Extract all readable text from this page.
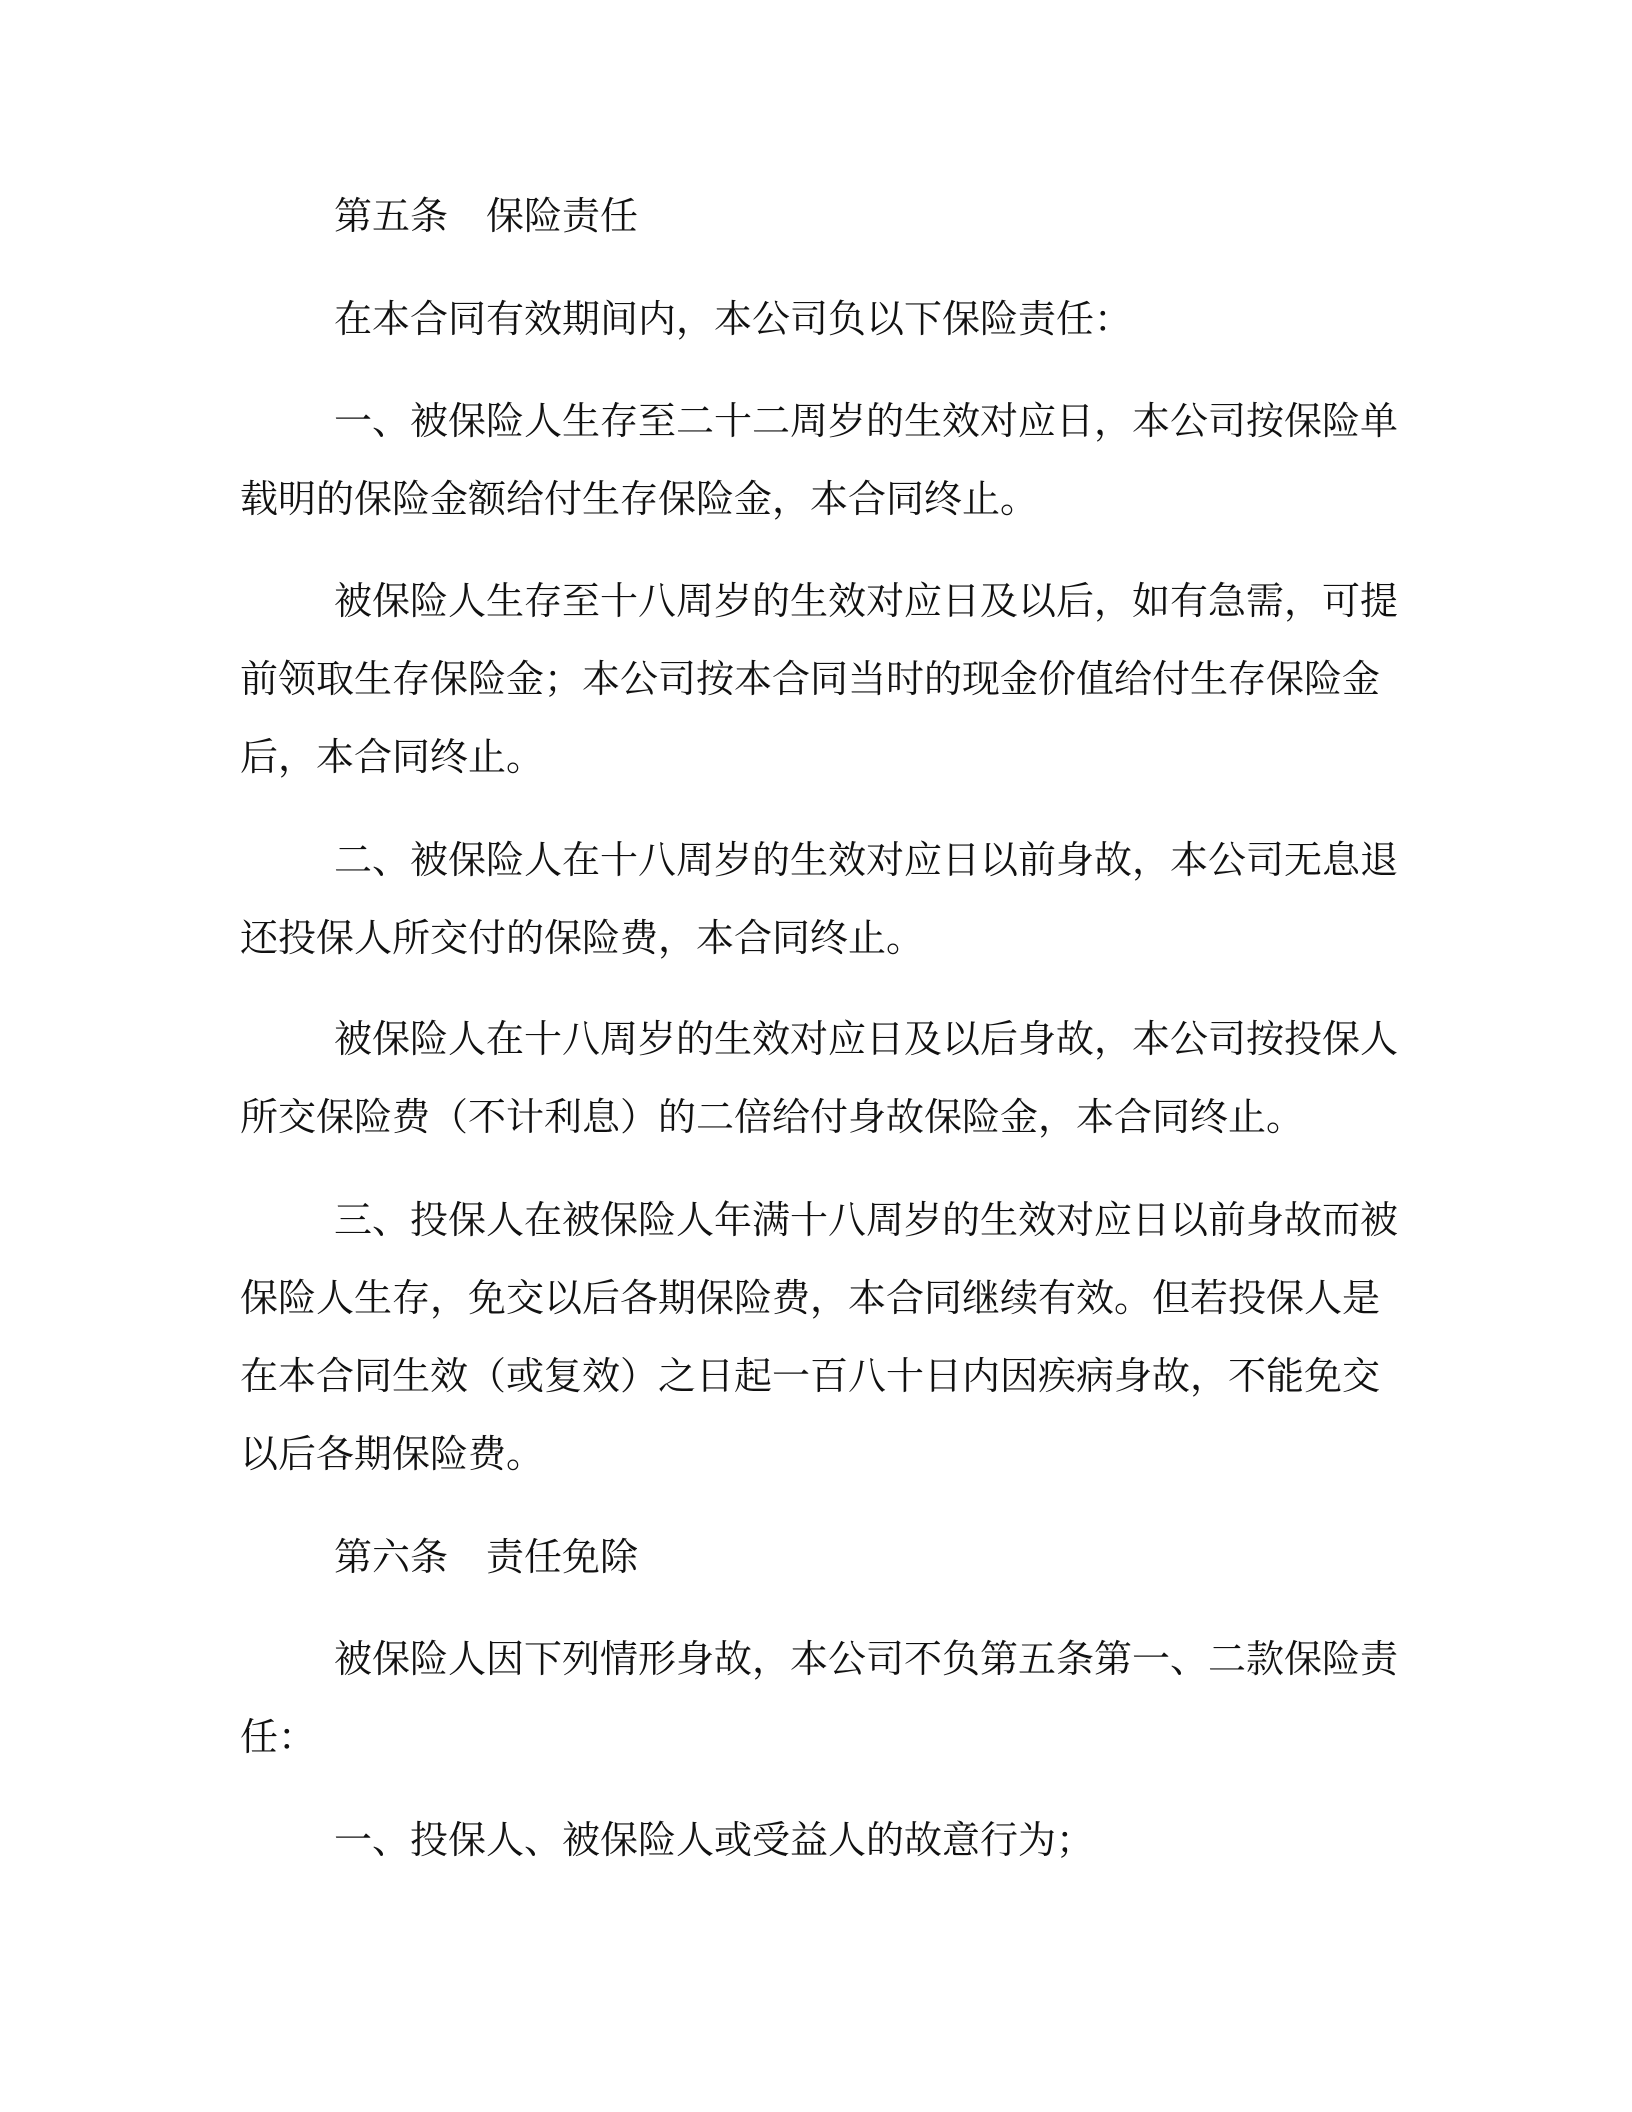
第五条 保险责任
在本合同有效期间内，本公司负以下保险责任：
一、被保险人生存至二十二周岁的生效对应日，本公司按保险单
载明的保险金额给付生存保险金，本合同终止。
被保险人生存至十八周岁的生效对应日及以后，如有急需，可提
前领取生存保险金；本公司按本合同当时的现金价值给付生存保险金
后，本合同终止。
二、被保险人在十八周岁的生效对应日以前身故，本公司无息退
还投保人所交付的保险费，本合同终止。
被保险人在十八周岁的生效对应日及以后身故，本公司按投保人
所交保险费（不计利息）的二倍给付身故保险金，本合同终止。
三、投保人在被保险人年满十八周岁的生效对应日以前身故而被
保险人生存，免交以后各期保险费，本合同继续有效。但若投保人是
在本合同生效（或复效）之日起一百八十日内因疾病身故，不能免交
以后各期保险费。
第六条 责任免除
被保险人因下列情形身故，本公司不负第五条第一、二款保险责
任：
一、投保人、被保险人或受益人的故意行为；
